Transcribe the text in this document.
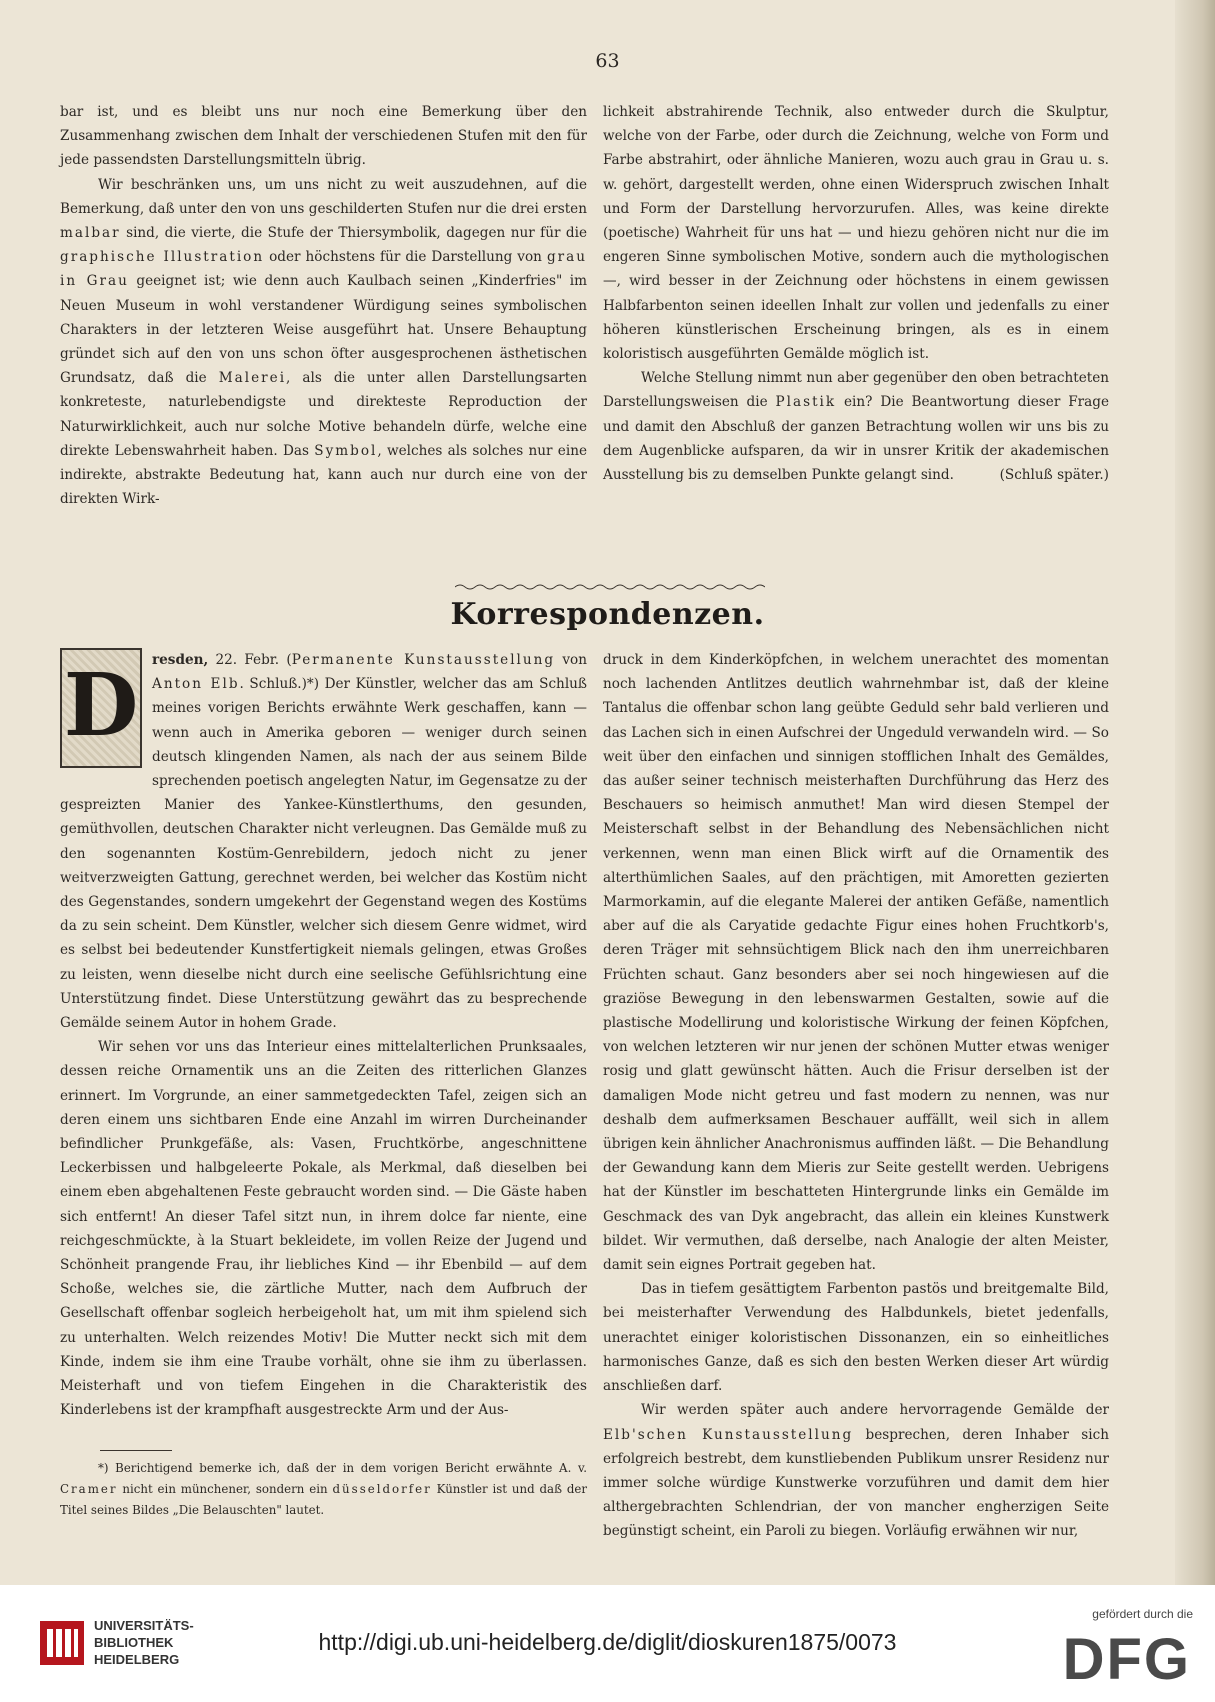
63

bar ist, und es bleibt uns nur noch eine Bemerkung über den Zusammenhang zwischen dem Inhalt der verschiedenen Stufen mit den für jede passendsten Darstellungsmitteln übrig.

Wir beschränken uns, um uns nicht zu weit auszudehnen, auf die Bemerkung, daß unter den von uns geschilderten Stufen nur die drei ersten malbar sind, die vierte, die Stufe der Thiersymbolik, dagegen nur für die graphische Illustration oder höchstens für die Darstellung von grau in Grau geeignet ist; wie denn auch Kaulbach seinen „Kinderfries" im Neuen Museum in wohl verstandener Würdigung seines symbolischen Charakters in der letzteren Weise ausgeführt hat. Unsere Behauptung gründet sich auf den von uns schon öfter ausgesprochenen ästhetischen Grundsatz, daß die Malerei, als die unter allen Darstellungsarten konkreteste, naturlebendigste und direkteste Reproduction der Naturwirklichkeit, auch nur solche Motive behandeln dürfe, welche eine direkte Lebenswahrheit haben. Das Symbol, welches als solches nur eine indirekte, abstrakte Bedeutung hat, kann auch nur durch eine von der direkten Wirk-

lichkeit abstrahirende Technik, also entweder durch die Skulptur, welche von der Farbe, oder durch die Zeichnung, welche von Form und Farbe abstrahirt, oder ähnliche Manieren, wozu auch grau in Grau u. s. w. gehört, dargestellt werden, ohne einen Widerspruch zwischen Inhalt und Form der Darstellung hervorzurufen. Alles, was keine direkte (poetische) Wahrheit für uns hat — und hiezu gehören nicht nur die im engeren Sinne symbolischen Motive, sondern auch die mythologischen —, wird besser in der Zeichnung oder höchstens in einem gewissen Halbfarbenton seinen ideellen Inhalt zur vollen und jedenfalls zu einer höheren künstlerischen Erscheinung bringen, als es in einem koloristisch ausgeführten Gemälde möglich ist.

Welche Stellung nimmt nun aber gegenüber den oben betrachteten Darstellungsweisen die Plastik ein? Die Beantwortung dieser Frage und damit den Abschluß der ganzen Betrachtung wollen wir uns bis zu dem Augenblicke aufsparen, da wir in unsrer Kritik der akademischen Ausstellung bis zu demselben Punkte gelangt sind.	(Schluß später.)

Korrespondenzen.
D	resden, 22. Febr. (Permanente Kunstausstellung von Anton Elb. Schluß.)*) Der Künstler, welcher das am Schluß meines vorigen Berichts erwähnte Werk geschaffen, kann — wenn auch in Amerika geboren — weniger durch seinen deutsch klingenden Namen, als nach der aus seinem Bilde sprechenden poetisch angelegten Natur, im Gegensatze zu der gespreizten Manier des Yankee-Künstlerthums, den gesunden, gemüthvollen, deutschen Charakter nicht verleugnen. Das Gemälde muß zu den sogenannten Kostüm-Genrebildern, jedoch nicht zu jener weitverzweigten Gattung, gerechnet werden, bei welcher das Kostüm nicht des Gegenstandes, sondern umgekehrt der Gegenstand wegen des Kostüms da zu sein scheint. Dem Künstler, welcher sich diesem Genre widmet, wird es selbst bei bedeutender Kunstfertigkeit niemals gelingen, etwas Großes zu leisten, wenn dieselbe nicht durch eine seelische Gefühlsrichtung eine Unterstützung findet. Diese Unterstützung gewährt das zu besprechende Gemälde seinem Autor in hohem Grade.

Wir sehen vor uns das Interieur eines mittelalterlichen Prunksaales, dessen reiche Ornamentik uns an die Zeiten des ritterlichen Glanzes erinnert. Im Vorgrunde, an einer sammetgedeckten Tafel, zeigen sich an deren einem uns sichtbaren Ende eine Anzahl im wirren Durcheinander befindlicher Prunkgefäße, als: Vasen, Fruchtkörbe, angeschnittene Leckerbissen und halbgeleerte Pokale, als Merkmal, daß dieselben bei einem eben abgehaltenen Feste gebraucht worden sind. — Die Gäste haben sich entfernt! An dieser Tafel sitzt nun, in ihrem dolce far niente, eine reichgeschmückte, à la Stuart bekleidete, im vollen Reize der Jugend und Schönheit prangende Frau, ihr liebliches Kind — ihr Ebenbild — auf dem Schoße, welches sie, die zärtliche Mutter, nach dem Aufbruch der Gesellschaft offenbar sogleich herbeigeholt hat, um mit ihm spielend sich zu unterhalten. Welch reizendes Motiv! Die Mutter neckt sich mit dem Kinde, indem sie ihm eine Traube vorhält, ohne sie ihm zu überlassen. Meisterhaft und von tiefem Eingehen in die Charakteristik des Kinderlebens ist der krampfhaft ausgestreckte Arm und der Aus-

druck in dem Kinderköpfchen, in welchem unerachtet des momentan noch lachenden Antlitzes deutlich wahrnehmbar ist, daß der kleine Tantalus die offenbar schon lang geübte Geduld sehr bald verlieren und das Lachen sich in einen Aufschrei der Ungeduld verwandeln wird. — So weit über den einfachen und sinnigen stofflichen Inhalt des Gemäldes, das außer seiner technisch meisterhaften Durchführung das Herz des Beschauers so heimisch anmuthet! Man wird diesen Stempel der Meisterschaft selbst in der Behandlung des Nebensächlichen nicht verkennen, wenn man einen Blick wirft auf die Ornamentik des alterthümlichen Saales, auf den prächtigen, mit Amoretten gezierten Marmorkamin, auf die elegante Malerei der antiken Gefäße, namentlich aber auf die als Caryatide gedachte Figur eines hohen Fruchtkorb's, deren Träger mit sehnsüchtigem Blick nach den ihm unerreichbaren Früchten schaut. Ganz besonders aber sei noch hingewiesen auf die graziöse Bewegung in den lebenswarmen Gestalten, sowie auf die plastische Modellirung und koloristische Wirkung der feinen Köpfchen, von welchen letzteren wir nur jenen der schönen Mutter etwas weniger rosig und glatt gewünscht hätten. Auch die Frisur derselben ist der damaligen Mode nicht getreu und fast modern zu nennen, was nur deshalb dem aufmerksamen Beschauer auffällt, weil sich in allem übrigen kein ähnlicher Anachronismus auffinden läßt. — Die Behandlung der Gewandung kann dem Mieris zur Seite gestellt werden. Uebrigens hat der Künstler im beschatteten Hintergrunde links ein Gemälde im Geschmack des van Dyk angebracht, das allein ein kleines Kunstwerk bildet. Wir vermuthen, daß derselbe, nach Analogie der alten Meister, damit sein eignes Portrait gegeben hat.

Das in tiefem gesättigtem Farbenton pastös und breitgemalte Bild, bei meisterhafter Verwendung des Halbdunkels, bietet jedenfalls, unerachtet einiger koloristischen Dissonanzen, ein so einheitliches harmonisches Ganze, daß es sich den besten Werken dieser Art würdig anschließen darf.

Wir werden später auch andere hervorragende Gemälde der Elb'schen Kunstausstellung besprechen, deren Inhaber sich erfolgreich bestrebt, dem kunstliebenden Publikum unsrer Residenz nur immer solche würdige Kunstwerke vorzuführen und damit dem hier althergebrachten Schlendrian, der von mancher engherzigen Seite begünstigt scheint, ein Paroli zu biegen. Vorläufig erwähnen wir nur,

*) Berichtigend bemerke ich, daß der in dem vorigen Bericht erwähnte A. v. Cramer nicht ein münchener, sondern ein düsseldorfer Künstler ist und daß der Titel seines Bildes „Die Belauschten" lautet.

UNIVERSITÄTS-
BIBLIOTHEK
HEIDELBERG
http://digi.ub.uni-heidelberg.de/diglit/dioskuren1875/0073
gefördert durch die
DFG
